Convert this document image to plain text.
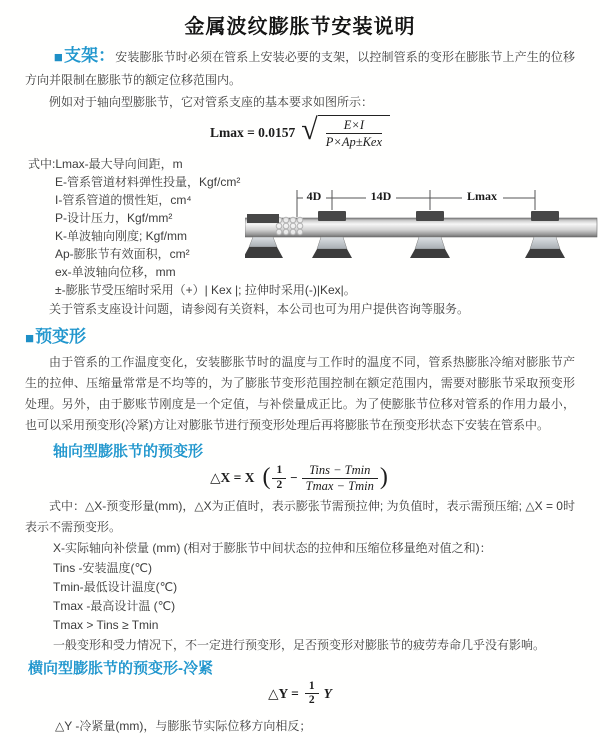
金属波纹膨胀节安装说明

■支架：安装膨胀节时必须在管系上安装必要的支架，以控制管系的变形在膨胀节上产生的位移方向并限制在膨胀节的额定位移范围内。

例如对于轴向型膨胀节，它对管系支座的基本要求如图所示：

Lmax = 0.0157 √	E×I
P×Ap±Kex
式中:Lmax-最大导向间距，m
E-管系管道材料弹性投量，Kgf/cm²
I-管系管道的惯性矩，cm⁴
P-设计压力，Kgf/mm²
K-单波轴向刚度; Kgf/mm
Ap-膨胀节有效面积，cm²
ex-单波轴向位移，mm
±-膨胀节受压缩时采用（+）| Kex |; 拉伸时采用(-)|Kex|。
4D	14D	Lmax

关于管系支座设计问题，请参阅有关资料，本公司也可为用户提供咨询等服务。

■预变形

由于管系的工作温度变化，安装膨胀节时的温度与工作时的温度不同，管系热膨胀冷缩对膨胀节产生的拉伸、压缩量常常是不均等的，为了膨胀节变形范围控制在额定范围内，需要对膨胀节采取预变形处理。另外，由于膨账节刚度是一个定值，与补偿量成正比。为了使膨胀节位移对管系的作用力最小，也可以采用预变形(冷紧)方让对膨胀节进行预变形处理后再将膨胀节在预变形状态下安装在管系中。

轴向型膨胀节的预变形
△X = X ( $\frac{1}{2} - \frac{\text{Tins − Tmin}}{Tmax - Tmin}$ )

式中：△X-预变形量(mm)，△X为正值时，表示膨张节需预拉伸; 为负值时，表示需预压缩; △X = 0时表示不需预变形。

X-实际轴向补偿量 (mm) (相对于膨胀节中间状态的拉伸和压缩位移量绝对值之和)：
Tins -安装温度(℃)
Tmin-最低设计温度(℃)
Tmax -最高设计温 (℃)
Tmax > Tins ≥ Tmin
一般变形和受力情况下，不一定进行预变形，足否预变形对膨胀节的疲劳寿命几乎没有影响。
横向型膨胀节的预变形-冷紧
△Y = $\frac{1}{2}$ Y
△Y -冷紧量(mm)，与膨胀节实际位移方向相反；
